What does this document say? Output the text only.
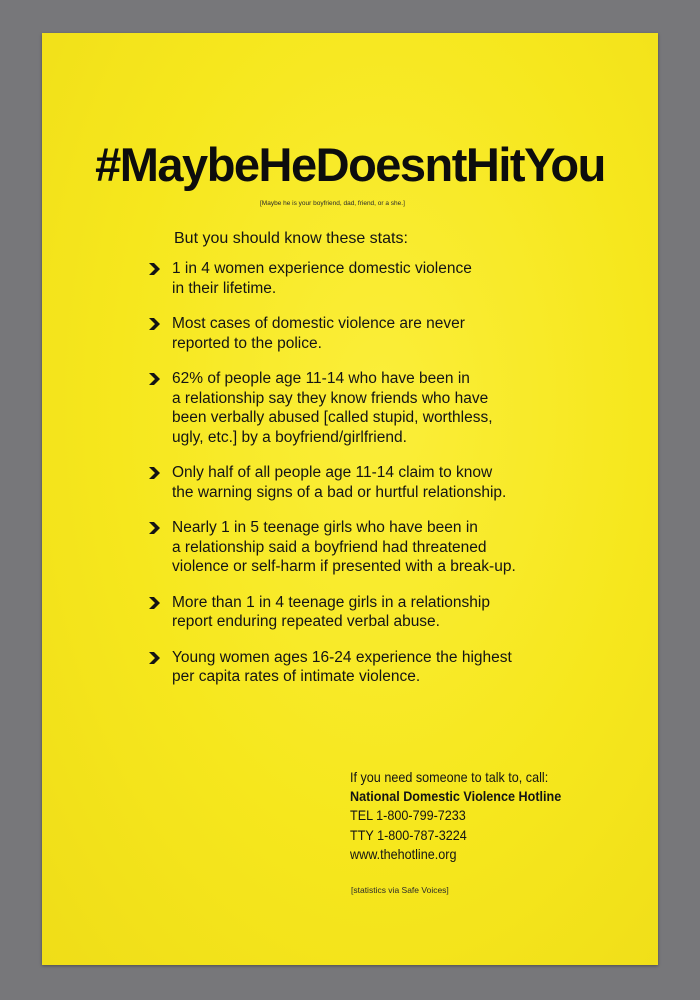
#MaybeHeDoesntHitYou
[Maybe he is your boyfriend, dad, friend, or a she.]
But you should know these stats:
1 in 4 women experience domestic violence
in their lifetime.
Most cases of domestic violence are never
reported to the police.
62% of people age 11-14 who have been in
a relationship say they know friends who have
been verbally abused [called stupid, worthless,
ugly, etc.] by a boyfriend/girlfriend.
Only half of all people age 11-14 claim to know
the warning signs of a bad or hurtful relationship.
Nearly 1 in 5 teenage girls who have been in
a relationship said a boyfriend had threatened
violence or self-harm if presented with a break-up.
More than 1 in 4 teenage girls in a relationship
report enduring repeated verbal abuse.
Young women ages 16-24 experience the highest
per capita rates of intimate violence.
If you need someone to talk to, call:
National Domestic Violence Hotline
TEL 1-800-799-7233
TTY 1-800-787-3224
www.thehotline.org
[statistics via Safe Voices]
